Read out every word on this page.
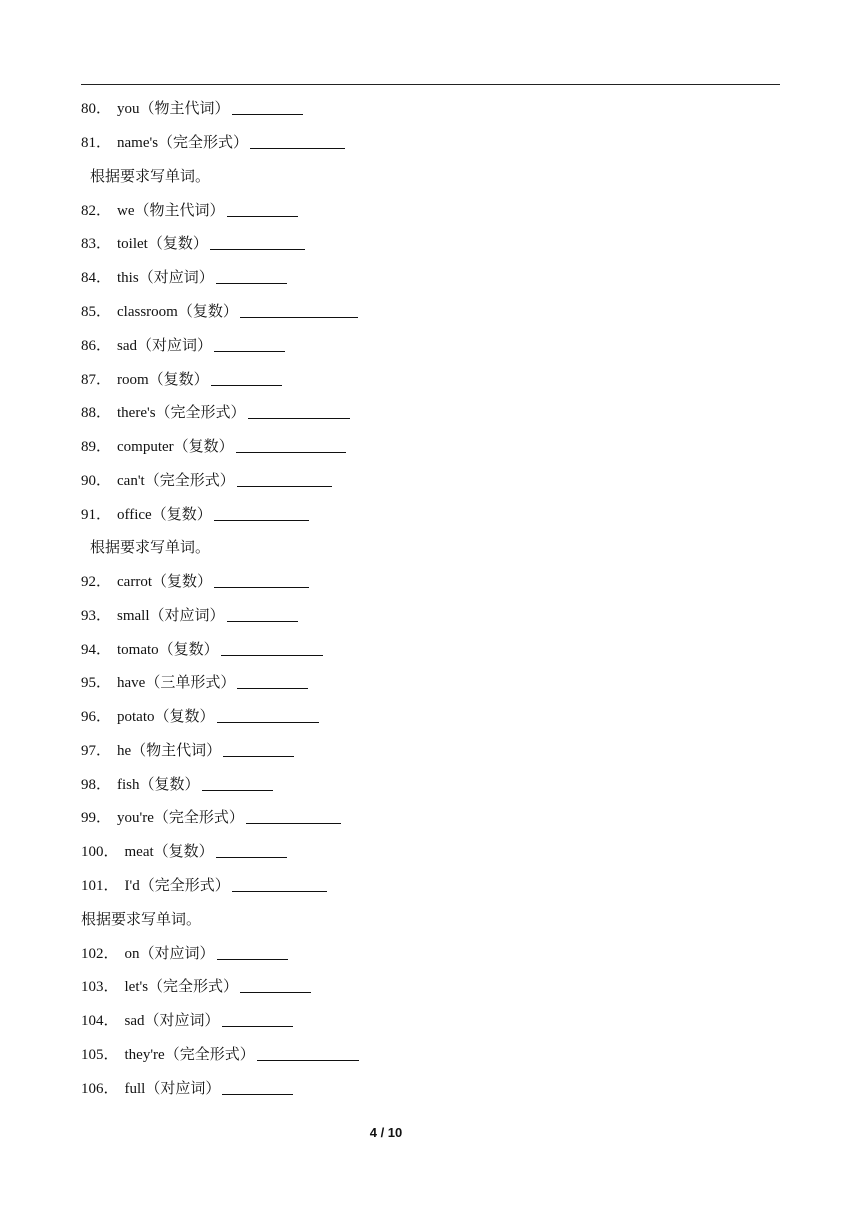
80． you（物主代词）
81． name's（完全形式）
根据要求写单词。
82． we（物主代词）
83． toilet（复数）
84． this（对应词）
85． classroom（复数）
86． sad（对应词）
87． room（复数）
88． there's（完全形式）
89． computer（复数）
90． can't（完全形式）
91． office（复数）
根据要求写单词。
92． carrot（复数）
93． small（对应词）
94． tomato（复数）
95． have（三单形式）
96． potato（复数）
97． he（物主代词）
98． fish（复数）
99． you're（完全形式）
100． meat（复数）
101． I'd（完全形式）
根据要求写单词。
102． on（对应词）
103． let's（完全形式）
104． sad（对应词）
105． they're（完全形式）
106． full（对应词）
4 / 10
